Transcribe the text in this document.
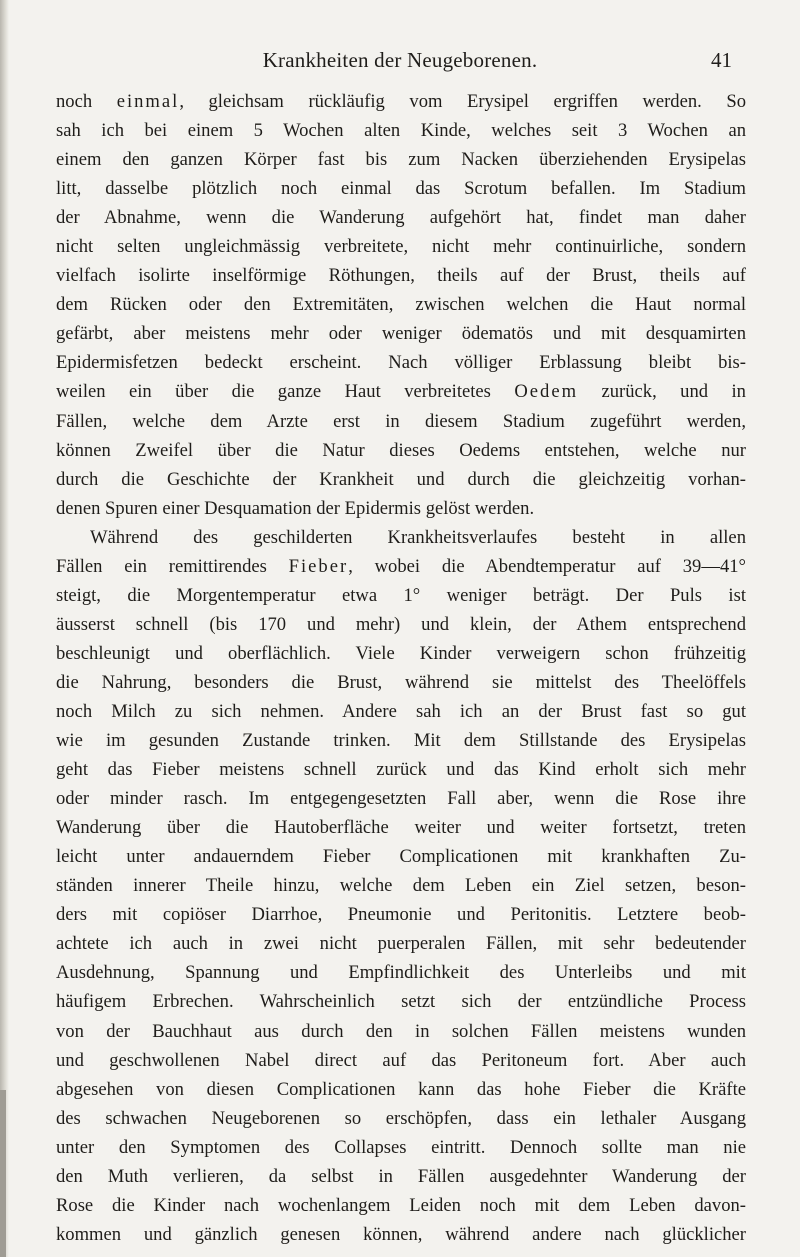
Krankheiten der Neugeborenen.	41
noch einmal, gleichsam rückläufig vom Erysipel ergriffen werden. So
sah ich bei einem 5 Wochen alten Kinde, welches seit 3 Wochen an
einem den ganzen Körper fast bis zum Nacken überziehenden Erysipelas
litt, dasselbe plötzlich noch einmal das Scrotum befallen. Im Stadium
der Abnahme, wenn die Wanderung aufgehört hat, findet man daher
nicht selten ungleichmässig verbreitete, nicht mehr continuirliche, sondern
vielfach isolirte inselförmige Röthungen, theils auf der Brust, theils auf
dem Rücken oder den Extremitäten, zwischen welchen die Haut normal
gefärbt, aber meistens mehr oder weniger ödematös und mit desquamirten
Epidermisfetzen bedeckt erscheint. Nach völliger Erblassung bleibt bis-
weilen ein über die ganze Haut verbreitetes Oedem zurück, und in
Fällen, welche dem Arzte erst in diesem Stadium zugeführt werden,
können Zweifel über die Natur dieses Oedems entstehen, welche nur
durch die Geschichte der Krankheit und durch die gleichzeitig vorhan-
denen Spuren einer Desquamation der Epidermis gelöst werden.
Während des geschilderten Krankheitsverlaufes besteht in allen
Fällen ein remittirendes Fieber, wobei die Abendtemperatur auf 39—41°
steigt, die Morgentemperatur etwa 1° weniger beträgt. Der Puls ist
äusserst schnell (bis 170 und mehr) und klein, der Athem entsprechend
beschleunigt und oberflächlich. Viele Kinder verweigern schon frühzeitig
die Nahrung, besonders die Brust, während sie mittelst des Theelöffels
noch Milch zu sich nehmen. Andere sah ich an der Brust fast so gut
wie im gesunden Zustande trinken. Mit dem Stillstande des Erysipelas
geht das Fieber meistens schnell zurück und das Kind erholt sich mehr
oder minder rasch. Im entgegengesetzten Fall aber, wenn die Rose ihre
Wanderung über die Hautoberfläche weiter und weiter fortsetzt, treten
leicht unter andauerndem Fieber Complicationen mit krankhaften Zu-
ständen innerer Theile hinzu, welche dem Leben ein Ziel setzen, beson-
ders mit copiöser Diarrhoe, Pneumonie und Peritonitis. Letztere beob-
achtete ich auch in zwei nicht puerperalen Fällen, mit sehr bedeutender
Ausdehnung, Spannung und Empfindlichkeit des Unterleibs und mit
häufigem Erbrechen. Wahrscheinlich setzt sich der entzündliche Process
von der Bauchhaut aus durch den in solchen Fällen meistens wunden
und geschwollenen Nabel direct auf das Peritoneum fort. Aber auch
abgesehen von diesen Complicationen kann das hohe Fieber die Kräfte
des schwachen Neugeborenen so erschöpfen, dass ein lethaler Ausgang
unter den Symptomen des Collapses eintritt. Dennoch sollte man nie
den Muth verlieren, da selbst in Fällen ausgedehnter Wanderung der
Rose die Kinder nach wochenlangem Leiden noch mit dem Leben davon-
kommen und gänzlich genesen können, während andere nach glücklicher
